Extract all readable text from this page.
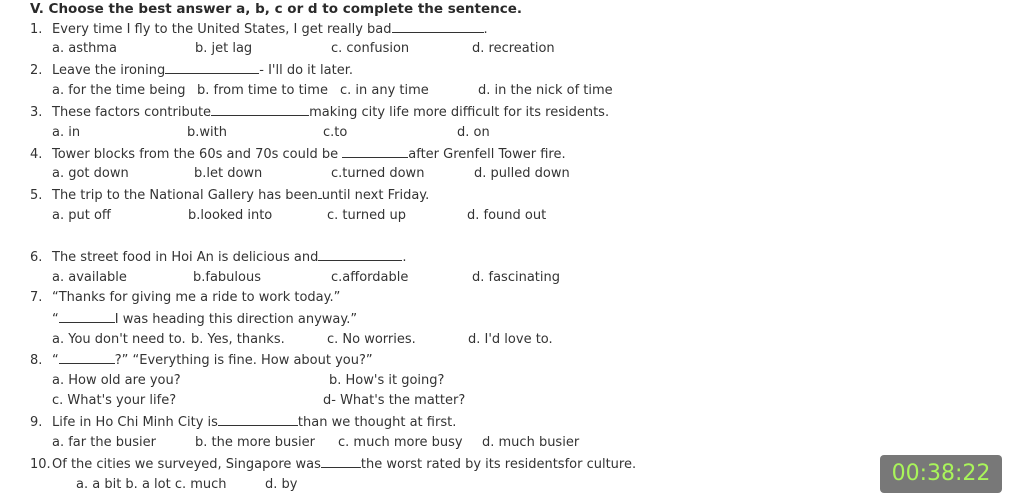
V. Choose the best answer a, b, c or d to complete the sentence.
1. Every time I fly to the United States, I get really bad	.
a. asthma	b. jet lag	c. confusion	d. recreation
2. Leave the ironing	- I'll do it later.
a. for the time being b. from time to time c. in any time	d. in the nick of time
3. These factors contribute	making city life more difficult for its residents.
a. in	b.with	c.to	d. on
4. Tower blocks from the 60s and 70s could be	after Grenfell Tower fire.
a. got down	b.let down	c.turned down	d. pulled down
5. The trip to the National Gallery has been until next Friday.
a. put off	b.looked into	c. turned up	d. found out
6. The street food in Hoi An is delicious and	.
a. available	b.fabulous	c.affordable	d. fascinating
7. “Thanks for giving me a ride to work today.”
“	I was heading this direction anyway.”
a. You don't need to. b. Yes, thanks.	c. No worries.	d. I'd love to.
8. “	?” “Everything is fine. How about you?”
a. How old are you?	b. How's it going?
c. What's your life?	d- What's the matter?
9. Life in Ho Chi Minh City is	than we thought at first.
a. far the busier	b. the more busier c. much more busy d. much busier
10.Of the cities we surveyed, Singapore was	the worst rated by its residentsfor culture.
a. a bit b. a lot c. much	d. by	00:38:22
